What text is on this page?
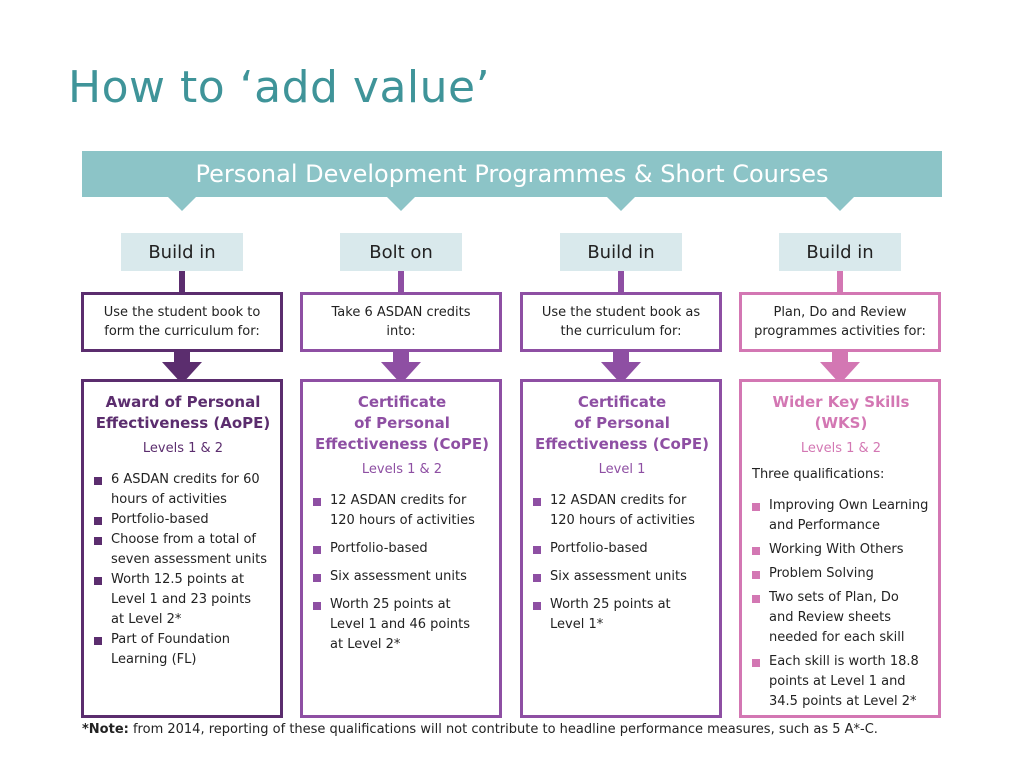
How to ‘add value’
Personal Development Programmes & Short Courses
Build in
Use the student book to
form the curriculum for:
Award of Personal
Effectiveness (AoPE)
Levels 1 & 2
6 ASDAN credits for 60
hours of activities
Portfolio-based
Choose from a total of
seven assessment units
Worth 12.5 points at
Level 1 and 23 points
at Level 2*
Part of Foundation
Learning (FL)
Bolt on
Take 6 ASDAN credits
into:
Certificate
of Personal
Effectiveness (CoPE)
Levels 1 & 2
12 ASDAN credits for
120 hours of activities
Portfolio-based
Six assessment units
Worth 25 points at
Level 1 and 46 points
at Level 2*
Build in
Use the student book as
the curriculum for:
Certificate
of Personal
Effectiveness (CoPE)
Level 1
12 ASDAN credits for
120 hours of activities
Portfolio-based
Six assessment units
Worth 25 points at
Level 1*
Build in
Plan, Do and Review
programmes activities for:
Wider Key Skills
(WKS)
Levels 1 & 2
Three qualifications:
Improving Own Learning
and Performance
Working With Others
Problem Solving
Two sets of Plan, Do
and Review sheets
needed for each skill
Each skill is worth 18.8
points at Level 1 and
34.5 points at Level 2*
*Note: from 2014, reporting of these qualifications will not contribute to headline performance measures, such as 5 A*-C.
